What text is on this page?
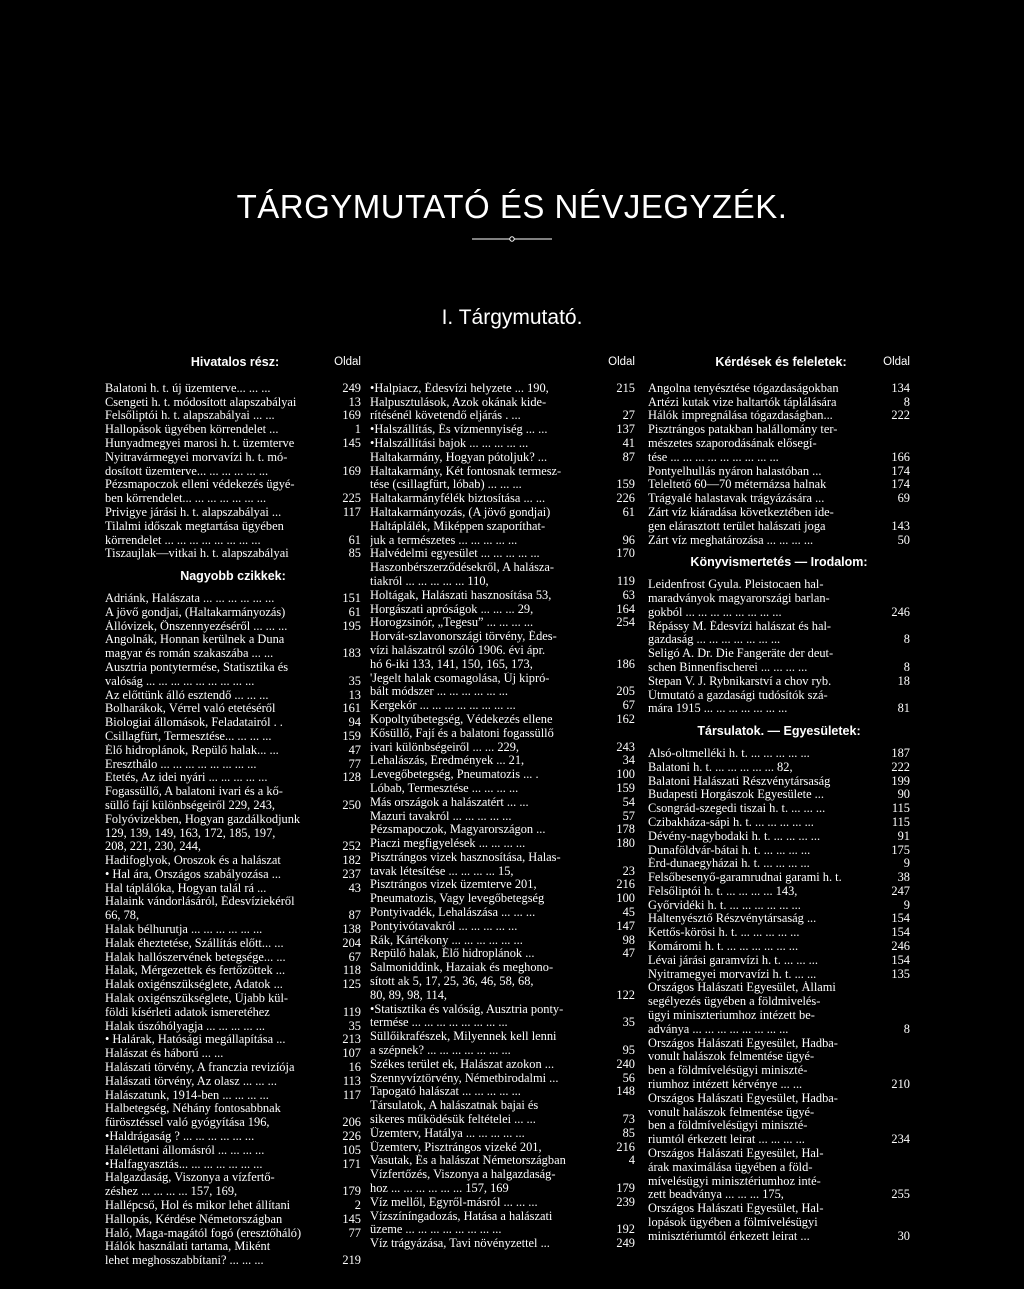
TÁRGYMUTATÓ ÉS NÉVJEGYZÉK.
I. Tárgymutató.
Hivatalos rész:	Oldal
Balatoni h. t. új üzemterve... ... ...	249
Csengeti h. t. módosított alapszabályai	13
Felsőliptói h. t. alapszabályai ... ...	169
Hallopások ügyében körrendelet ...	1
Hunyadmegyei marosi h. t. üzemterve	145
Nyitravármegyei morvavízi h. t. mó-
dosított üzemterve... ... ... ... ... ...	169
Pézsmapoczok elleni védekezés ügyé-
ben körrendelet... ... ... ... ... ... ...	225
Privigye járási h. t. alapszabályai ...	117
Tilalmi időszak megtartása ügyében
körrendelet ... ... ... ... ... ... ... ...	61
Tiszaujlak—vitkai h. t. alapszabályai	85
Nagyobb czikkek:
Adriánk, Halászata ... ... ... ... ... ...	151
A jövő gondjai, (Haltakarmányozás)	61
Állóvizek, Önszennyezéséről ... ... ...	195
Angolnák, Honnan kerülnek a Duna
magyar és román szakaszába ... ...	183
Ausztria pontytermése, Statisztika és
valóság ... ... ... ... ... ... ... ... ...	35
Az előttünk álló esztendő ... ... ...	13
Bolharákok, Vérrel való etetéséről	161
Biologiai állomások, Feladatairól . .	94
Csillagfürt, Termesztése... ... ... ...	159
Élő hidroplánok, Repülő halak... ...	47
Ereszthálo ... ... ... ... ... ... ... ...	77
Etetés, Az idei nyári ... ... ... ... ...	128
Fogassüllő, A balatoni ivari és a kő-
süllő fají különbségeiről 229, 243,	250
Folyóvizekben, Hogyan gazdálkodjunk
129, 139, 149, 163, 172, 185, 197,
208, 221, 230, 244,	252
Hadifoglyok, Oroszok és a halászat	182
• Hal ára, Országos szabályozása ...	237
Hal táplálóka, Hogyan talál rá ...	43
Halaink vándorlásáról, Édesvíziekéről
66, 78,	87
Halak bélhurutja ... ... ... ... ... ...	138
Halak éheztetése, Szállítás előtt... ...	204
Halak hallószervének betegsége... ...	67
Halak, Mérgezettek és fertőzöttek ...	118
Halak oxigénszükséglete, Adatok ...	125
Halak oxigénszükséglete, Újabb kül-
földi kísérleti adatok ismeretéhez	119
Halak úszóhólyagja ... ... ... ... ...	35
• Halárak, Hatósági megállapítása ...	213
Halászat és háború ... ...	107
Halászati törvény, A franczia revizíója	16
Halászati törvény, Az olasz ... ... ...	113
Halászatunk, 1914-ben ... ... ... ...	117
Halbetegség, Néhány fontosabbnak
fürösztéssel való gyógyítása 196,	206
•Haldrágaság ? ... ... ... ... ... ...	226
Halélettani állomásról ... ... ... ...	105
•Halfagyasztás... ... ... ... ... ... ...	171
Halgazdaság, Viszonya a vízfertő-
zéshez ... ... ... ... 157, 169,	179
Hallépcső, Hol és mikor lehet állítani	2
Hallopás, Kérdése Németországban	145
Haló, Maga-magától fogó (eresztőháló)	77
Hálók használati tartama, Miként
lehet meghosszabbítani? ... ... ...	219
Oldal
•Halpiacz, Édesvízi helyzete ... 190,	215
Halpusztulások, Azok okának kide-
rítésénél követendő eljárás . ...	27
•Halszállítás, És vízmennyiség ... ...	137
•Halszállítási bajok ... ... ... ... ...	41
Haltakarmány, Hogyan pótoljuk? ...	87
Haltakarmány, Két fontosnak termesz-
tése (csillagfürt, lóbab) ... ... ...	159
Haltakarmányfélék biztosítása ... ...	226
Haltakarmányozás, (A jövő gondjai)	61
Haltáplálék, Miképpen szaporíthat-
juk a természetes ... ... ... ... ...	96
Halvédelmi egyesület ... ... ... ... ...	170
Haszonbérszerződésekről, A halásza-
tiakról ... ... ... ... ... 110,	119
Holtágak, Halászati hasznosítása 53,	63
Horgászati apróságok ... ... ... 29,	164
Horogzsinór, „Tegesu” ... ... ... ...	254
Horvát-szlavonországi törvény, Édes-
vízi halászatról szóló 1906. évi ápr.
hó 6-iki 133, 141, 150, 165, 173,	186
'Jegelt halak csomagolása, Új kipró-
bált módszer ... ... ... ... ... ...	205
Kergekór ... ... ... ... ... ... ... ...	67
Kopoltyúbetegség, Védekezés ellene	162
Kősüllő, Fají és a balatoni fogassüllő
ivari különbségeiről ... ... 229,	243
Lehalászás, Eredmények ... 21,	34
Levegőbetegség, Pneumatozis ... .	100
Lóbab, Termesztése ... ... ... ...	159
Más országok a halászatért ... ...	54
Mazuri tavakról ... ... ... ... ...	57
Pézsmapoczok, Magyarországon ...	178
Piaczi megfigyelések ... ... ... ...	180
Pisztrángos vizek hasznosítása, Halas-
tavak létesítése ... ... ... ... 15,	23
Pisztrángos vizek üzemterve 201,	216
Pneumatozis, Vagy levegőbetegség	100
Pontyivadék, Lehalászása ... ... ...	45
Pontyivótavakról ... ... ... ... ...	147
Rák, Kártékony ... ... ... ... ... ...	98
Repülő halak, Élő hidroplánok ...	47
Salmoniddink, Hazaiak és meghono-
sított ak 5, 17, 25, 36, 46, 58, 68,
80, 89, 98, 114,	122
•Statisztika és valóság, Ausztria ponty-
termése ... ... ... ... ... ... ... ...	35
Süllőikrafészek, Milyennek kell lenni
a szépnek? ... ... ... ... ... ... ...	95
Székes terület ek, Halászat azokon ...	240
Szennyvíztörvény, Németbirodalmi ...	56
Tapogató halászat ... ... ... ... ...	148
Társulatok, A halászatnak bajai és
sikeres működésük feltételei ... ...	73
Üzemterv, Hatálya ... ... ... ... ...	85
Üzemterv, Pisztrángos vizeké 201,	216
Vasutak, És a halászat Németországban	4
Vízfertőzés, Viszonya a halgazdaság-
hoz ... ... ... ... ... ... 157, 169	179
Víz mellől, Egyről-másról ... ... ...	239
Vízszíníngadozás, Hatása a halászati
üzeme ... ... ... ... ... ... ... ...	192
Víz trágyázása, Tavi növényzettel ...	249
Kérdések és feleletek:	Oldal
Angolna tenyésztése tógazdaságokban	134
Artézi kutak vize haltartók táplálására	8
Hálók impregnálása tógazdaságban...	222
Pisztrángos patakban halállomány ter-
mészetes szaporodásának elősegí-
tése ... ... ... ... ... ... ... ... ...	166
Pontyelhullás nyáron halastóban ...	174
Teleltető 60—70 méternázsa halnak	174
Trágyalé halastavak trágyázására ...	69
Zárt víz kiáradása következtében ide-
gen elárasztott terület halászati joga	143
Zárt víz meghatározása ... ... ... ...	50
Könyvismertetés — Irodalom:
Leidenfrost Gyula. Pleistocaen hal-
maradványok magyarországi barlan-
gokból ... ... ... ... ... ... ... ...	246
Répássy M. Édesvízi halászat és hal-
gazdaság ... ... ... ... ... ... ...	8
Seligó A. Dr. Die Fangeräte der deut-
schen Binnenfischerei ... ... ... ...	8
Stepan V. J. Rybnikarství a chov ryb.	18
Útmutató a gazdasági tudósítók szá-
mára 1915 ... ... ... ... ... ... ...	81
Társulatok. — Egyesületek:
Alsó-oltmelléki h. t. ... ... ... ... ...	187
Balatoni h. t. ... ... ... ... ... 82,	222
Balatoni Halászati Részvénytársaság	199
Budapesti Horgászok Egyesülete ...	90
Csongrád-szegedi tiszai h. t. ... ... ...	115
Czibakháza-sápi h. t. ... ... ... ... ...	115
Dévény-nagybodaki h. t. ... ... ... ...	91
Dunaföldvár-bátai h. t. ... ... ... ...	175
Érd-dunaegyházai h. t. ... ... ... ...	9
Felsőbesenyő-garamrudnai garami h. t.	38
Felsőliptói h. t. ... ... ... ... 143,	247
Győrvidéki h. t. ... ... ... ... ... ...	9
Haltenyésztő Részvénytársaság ...	154
Kettős-körösi h. t. ... ... ... ... ...	154
Komáromi h. t. ... ... ... ... ... ...	246
Lévai járási garamvízi h. t. ... ... ...	154
Nyitramegyei morvavízi h. t. ... ...	135
Országos Halászati Egyesület, Állami
segélyezés ügyében a földmivelés-
ügyi miniszteriumhoz intézett be-
adványa ... ... ... ... ... ... ... ...	8
Országos Halászati Egyesület, Hadba-
vonult halászok felmentése ügyé-
ben a földmívelésügyi miniszté-
riumhoz intézett kérvénye ... ...	210
Országos Halászati Egyesület, Hadba-
vonult halászok felmentése ügyé-
ben a földmívelésügyi miniszté-
riumtól érkezett leirat ... ... ... ...	234
Országos Halászati Egyesület, Hal-
árak maximálása ügyében a föld-
mívelésügyi minisztériumhoz inté-
zett beadványa ... ... ... 175,	255
Országos Halászati Egyesület, Hal-
lopások ügyében a fölmívelésügyi
minisztériumtól érkezett leirat ...	30
